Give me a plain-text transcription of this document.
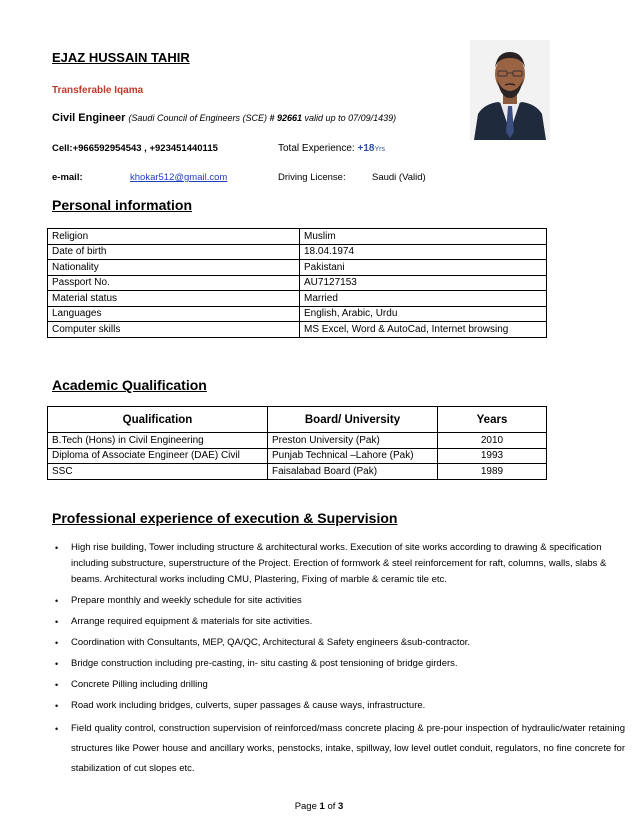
EJAZ HUSSAIN TAHIR
Transferable Iqama
Civil Engineer (Saudi Council of Engineers (SCE) # 92661 valid up to 07/09/1439)
Cell:+966592954543 , +923451440115	Total Experience: +18Yrs
e-mail:	khokar512@gmail.com	Driving License:	Saudi (Valid)
Personal information
Religion	Muslim
Date of birth	18.04.1974
Nationality	Pakistani
Passport No.	AU7127153
Material status	Married
Languages	English, Arabic, Urdu
Computer skills	MS Excel, Word & AutoCad, Internet browsing
Academic Qualification
Qualification	Board/ University	Years
B.Tech (Hons) in Civil Engineering	Preston University (Pak)	2010
Diploma of Associate Engineer (DAE) Civil	Punjab Technical –Lahore (Pak)	1993
SSC	Faisalabad Board (Pak)	1989
Professional experience of execution & Supervision
• High rise building, Tower including structure & architectural works. Execution of site works according to drawing & specification including substructure, superstructure of the Project. Erection of formwork & steel reinforcement for raft, columns, walls, slabs & beams. Architectural works including CMU, Plastering, Fixing of marble & ceramic tile etc.
• Prepare monthly and weekly schedule for site activities
• Arrange required equipment & materials for site activities.
• Coordination with Consultants, MEP, QA/QC, Architectural & Safety engineers &sub-contractor.
• Bridge construction including pre-casting, in- situ casting & post tensioning of bridge girders.
• Concrete Pilling including drilling
• Road work including bridges, culverts, super passages & cause ways, infrastructure.
• Field quality control, construction supervision of reinforced/mass concrete placing & pre-pour inspection of hydraulic/water retaining structures like Power house and ancillary works, penstocks, intake, spillway, low level outlet conduit, regulators, no fine concrete for stabilization of cut slopes etc.
Page 1 of 3
